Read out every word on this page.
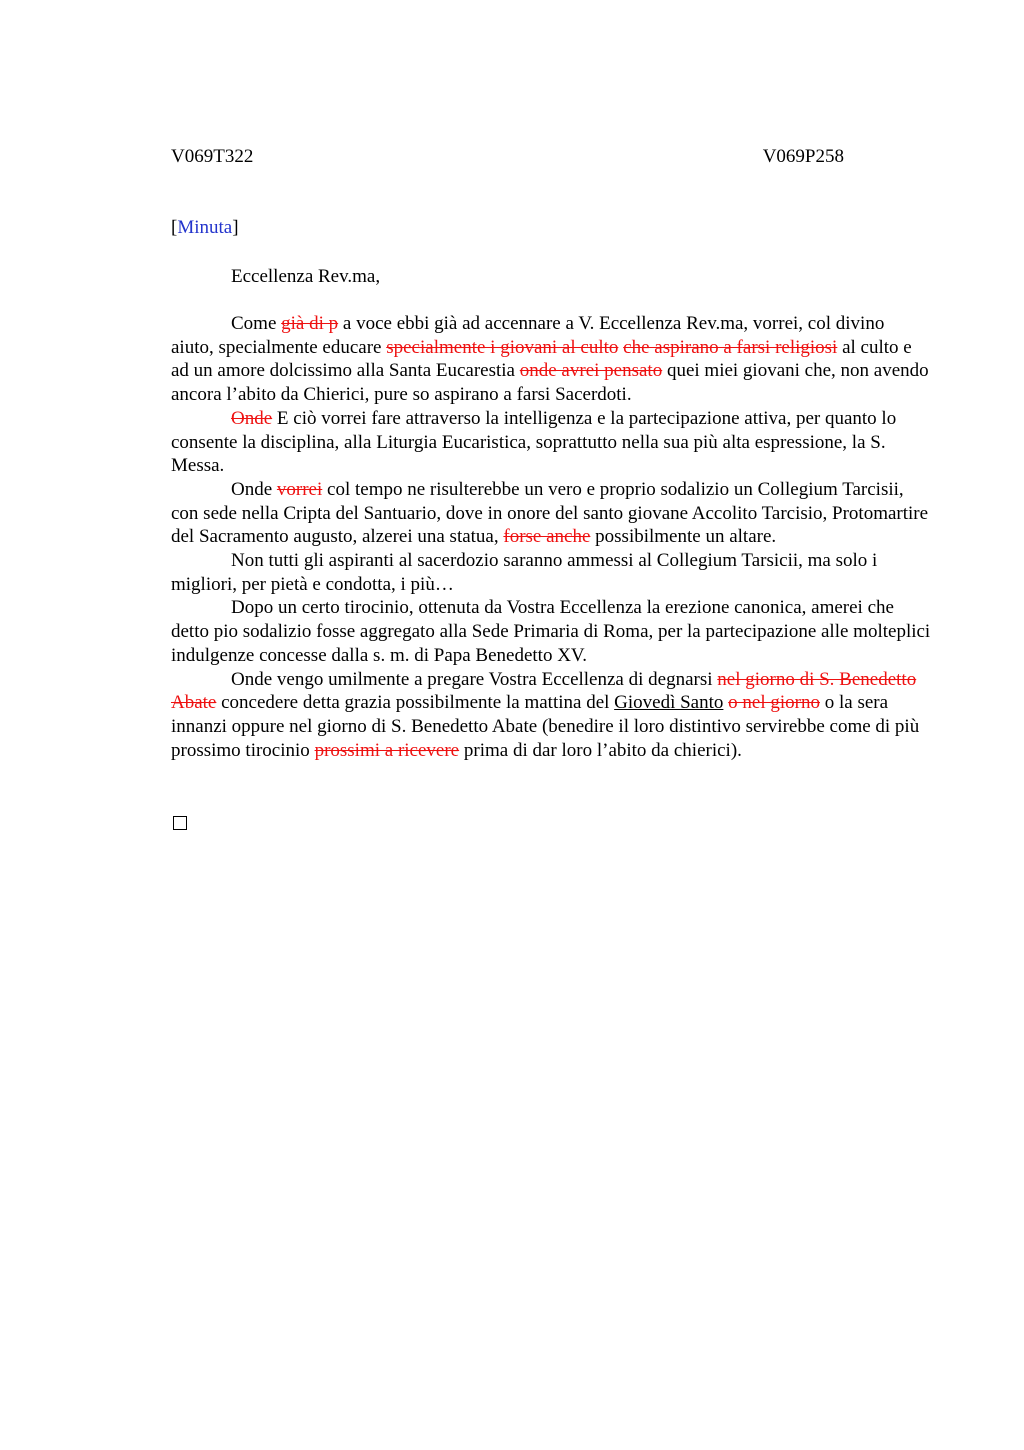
V069T322	V069P258
[Minuta]
Eccellenza Rev.ma,

Come già di p a voce ebbi già ad accennare a V. Eccellenza Rev.ma, vorrei, col divino aiuto, specialmente educare specialmente i giovani al culto che aspirano a farsi religiosi al culto e ad un amore dolcissimo alla Santa Eucarestia onde avrei pensato quei miei giovani che, non avendo ancora l’abito da Chierici, pure so aspirano a farsi Sacerdoti.

Onde E ciò vorrei fare attraverso la intelligenza e la partecipazione attiva, per quanto lo consente la disciplina, alla Liturgia Eucaristica, soprattutto nella sua più alta espressione, la S. Messa.

Onde vorrei col tempo ne risulterebbe un vero e proprio sodalizio un Collegium Tarcisii, con sede nella Cripta del Santuario, dove in onore del santo giovane Accolito Tarcisio, Protomartire del Sacramento augusto, alzerei una statua, forse anche possibilmente un altare.

Non tutti gli aspiranti al sacerdozio saranno ammessi al Collegium Tarsicii, ma solo i migliori, per pietà e condotta, i più…

Dopo un certo tirocinio, ottenuta da Vostra Eccellenza la erezione canonica, amerei che detto pio sodalizio fosse aggregato alla Sede Primaria di Roma, per la partecipazione alle molteplici indulgenze concesse dalla s. m. di Papa Benedetto XV.

Onde vengo umilmente a pregare Vostra Eccellenza di degnarsi nel giorno di S. Benedetto Abate concedere detta grazia possibilmente la mattina del Giovedì Santo o nel giorno o la sera innanzi oppure nel giorno di S. Benedetto Abate (benedire il loro distintivo servirebbe come di più prossimo tirocinio prossimi a ricevere prima di dar loro l’abito da chierici).
